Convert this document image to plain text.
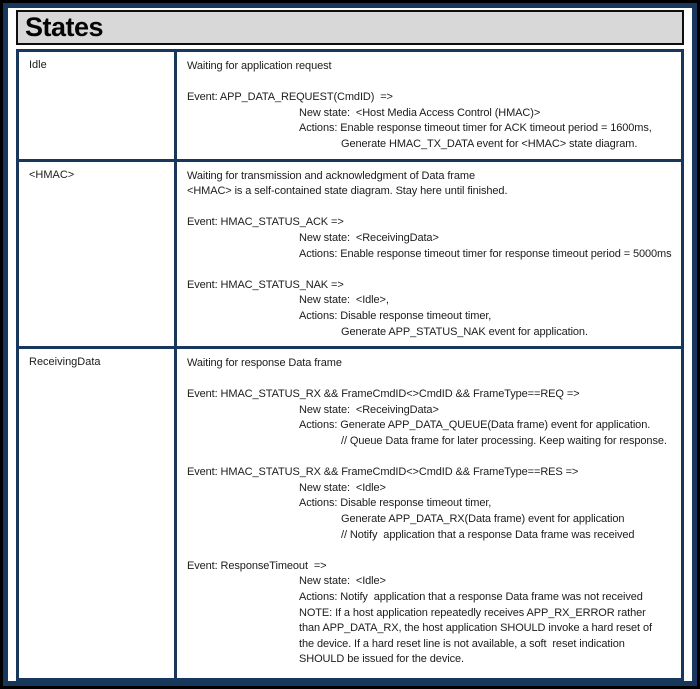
States
Idle	Waiting for application request
Event: APP_DATA_REQUEST(CmdID)  =>
New state:  <Host Media Access Control (HMAC)>
Actions: Enable response timeout timer for ACK timeout period = 1600ms,
Generate HMAC_TX_DATA event for <HMAC> state diagram.

<HMAC>	Waiting for transmission and acknowledgment of Data frame
<HMAC> is a self-contained state diagram. Stay here until finished.
Event: HMAC_STATUS_ACK =>
New state:  <ReceivingData>
Actions: Enable response timeout timer for response timeout period = 5000ms
Event: HMAC_STATUS_NAK =>
New state:  <Idle>,
Actions: Disable response timeout timer,
Generate APP_STATUS_NAK event for application.

ReceivingData	Waiting for response Data frame
Event: HMAC_STATUS_RX && FrameCmdID<>CmdID && FrameType==REQ =>
New state:  <ReceivingData>
Actions: Generate APP_DATA_QUEUE(Data frame) event for application.
// Queue Data frame for later processing. Keep waiting for response.
Event: HMAC_STATUS_RX && FrameCmdID<>CmdID && FrameType==RES =>
New state:  <Idle>
Actions: Disable response timeout timer,
Generate APP_DATA_RX(Data frame) event for application
// Notify  application that a response Data frame was received
Event: ResponseTimeout  =>
New state:  <Idle>
Actions: Notify  application that a response Data frame was not received
NOTE: If a host application repeatedly receives APP_RX_ERROR rather
than APP_DATA_RX, the host application SHOULD invoke a hard reset of
the device. If a hard reset line is not available, a soft  reset indication
SHOULD be issued for the device.
